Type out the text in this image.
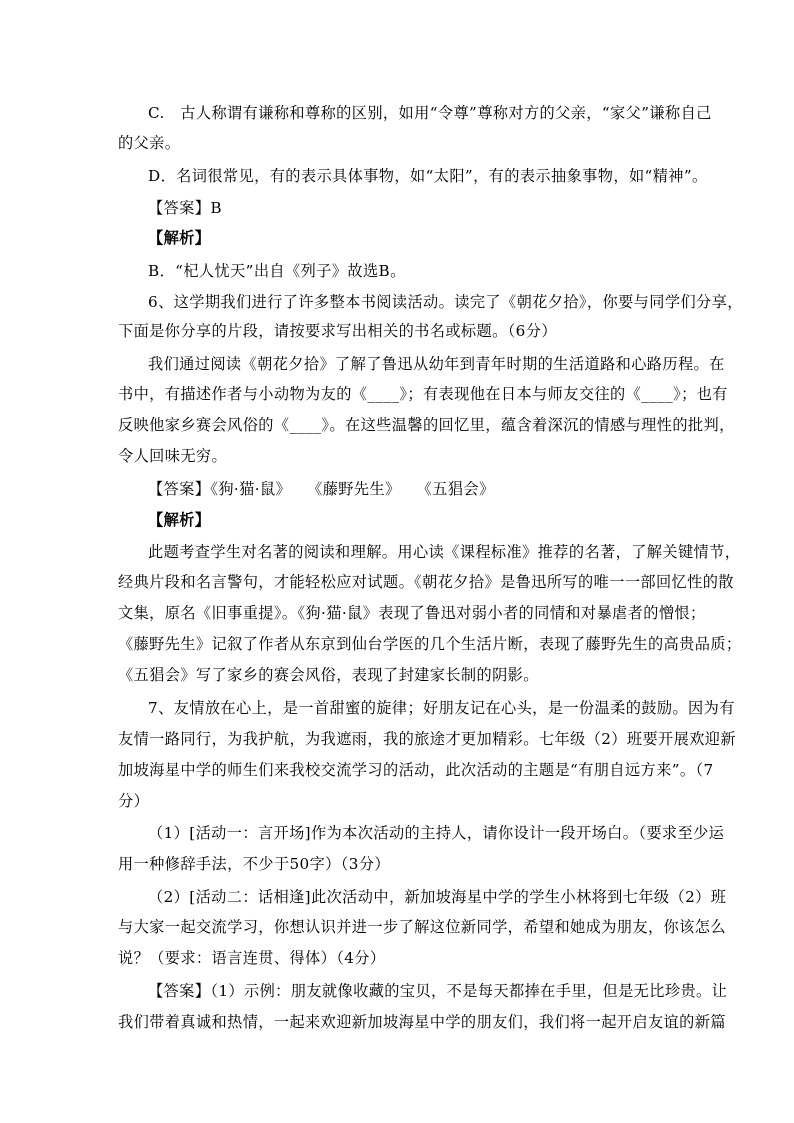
C.　古人称谓有谦称和尊称的区别，如用“令尊”尊称对方的父亲，“家父”谦称自己
的父亲。
D．名词很常见，有的表示具体事物，如“太阳”，有的表示抽象事物，如“精神”。
【答案】B
【解析】
B．“杞人忧天”出自《列子》故选B。
6、这学期我们进行了许多整本书阅读活动。读完了《朝花夕拾》，你要与同学们分享，
下面是你分享的片段，请按要求写出相关的书名或标题。（6分）
我们通过阅读《朝花夕拾》了解了鲁迅从幼年到青年时期的生活道路和心路历程。在
书中，有描述作者与小动物为友的《____》；有表现他在日本与师友交往的《____》；也有
反映他家乡赛会风俗的《____》。在这些温馨的回忆里，蕴含着深沉的情感与理性的批判，
令人回味无穷。
【答案】《狗·猫·鼠》　　《藤野先生》　　《五猖会》
【解析】
此题考查学生对名著的阅读和理解。用心读《课程标准》推荐的名著，了解关键情节，
经典片段和名言警句，才能轻松应对试题。《朝花夕拾》是鲁迅所写的唯一一部回忆性的散
文集，原名《旧事重提》。《狗·猫·鼠》表现了鲁迅对弱小者的同情和对暴虐者的憎恨；
《藤野先生》记叙了作者从东京到仙台学医的几个生活片断，表现了藤野先生的高贵品质；
《五猖会》写了家乡的赛会风俗，表现了封建家长制的阴影。
7、友情放在心上，是一首甜蜜的旋律；好朋友记在心头，是一份温柔的鼓励。因为有
友情一路同行，为我护航，为我遮雨，我的旅途才更加精彩。七年级（2）班要开展欢迎新
加坡海星中学的师生们来我校交流学习的活动，此次活动的主题是“有朋自远方来”。（7
分）
（1）[活动一：言开场]作为本次活动的主持人，请你设计一段开场白。（要求至少运
用一种修辞手法，不少于50字）（3分）
（2）[活动二：话相逢]此次活动中，新加坡海星中学的学生小林将到七年级（2）班
与大家一起交流学习，你想认识并进一步了解这位新同学，希望和她成为朋友，你该怎么
说？（要求：语言连贯、得体）（4分）
【答案】（1）示例：朋友就像收藏的宝贝，不是每天都捧在手里，但是无比珍贵。让
我们带着真诚和热情，一起来欢迎新加坡海星中学的朋友们，我们将一起开启友谊的新篇
